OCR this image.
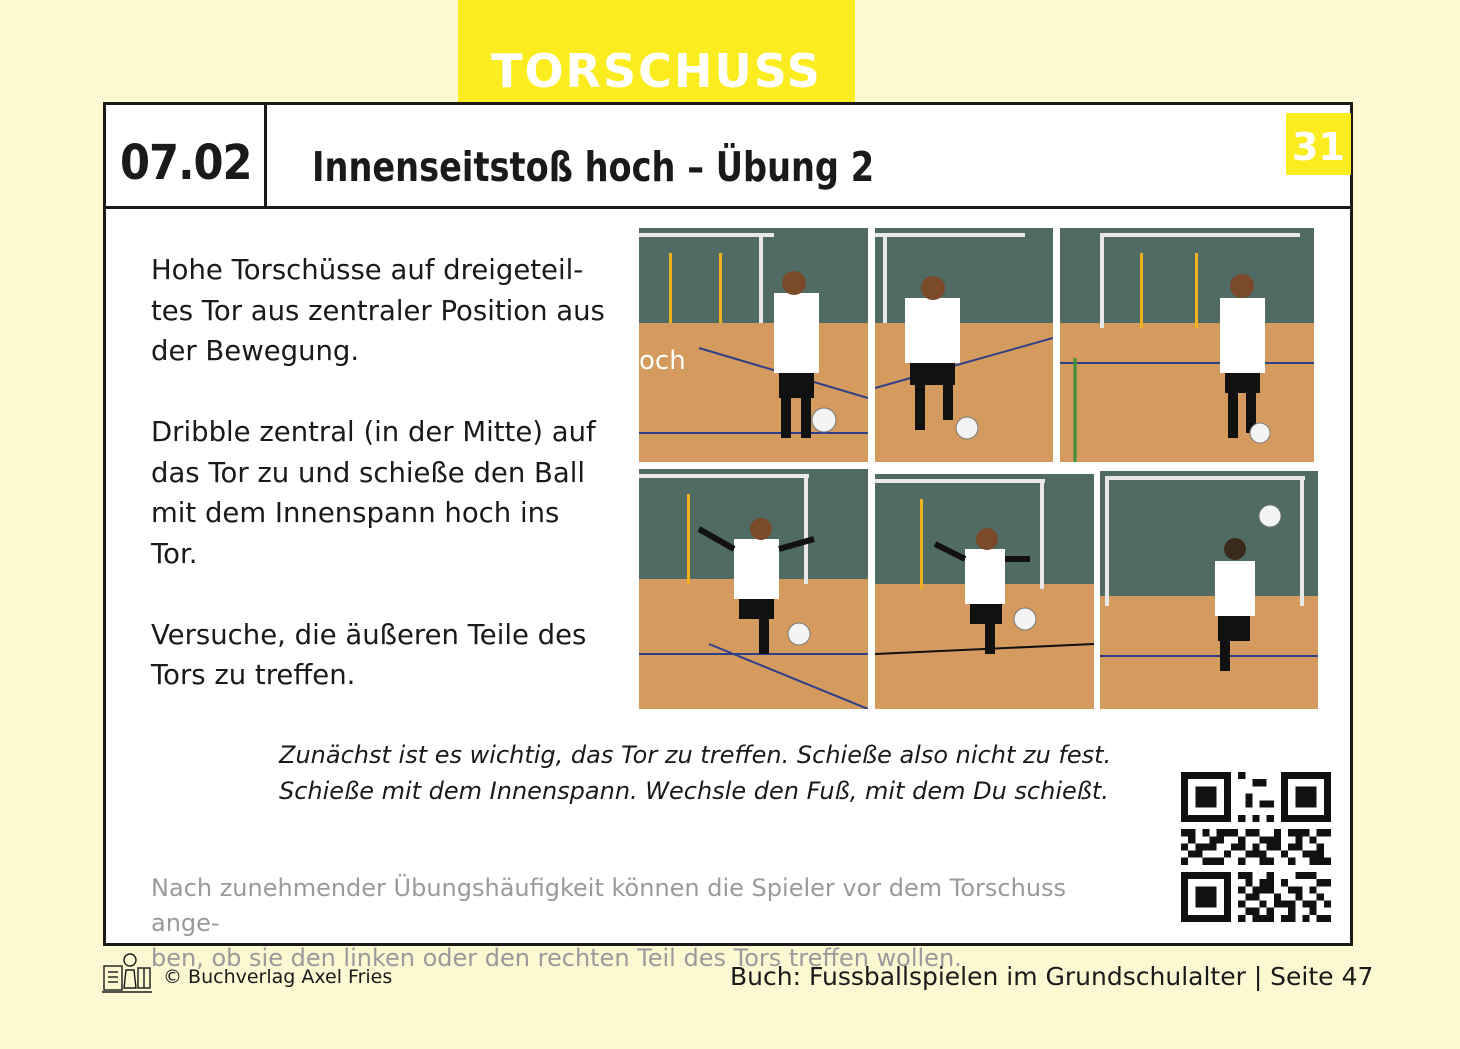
TORSCHUSS
07.02 Innenseitstoß hoch – Übung 2	31
Hohe Torschüsse auf dreigeteil-
tes Tor aus zentraler Position aus
der Bewegung.

Dribble zentral (in der Mitte) auf
das Tor zu und schieße den Ball
mit dem Innenspann hoch ins
Tor.

Versuche, die äußeren Teile des
Tors zu treffen.
och
Zunächst ist es wichtig, das Tor zu treffen. Schieße also nicht zu fest.
Schieße mit dem Innenspann. Wechsle den Fuß, mit dem Du schießt.
Nach zunehmender Übungshäufigkeit können die Spieler vor dem Torschuss ange-
ben, ob sie den linken oder den rechten Teil des Tors treffen wollen.
© Buchverlag Axel Fries	Buch: Fussballspielen im Grundschulalter | Seite 47
